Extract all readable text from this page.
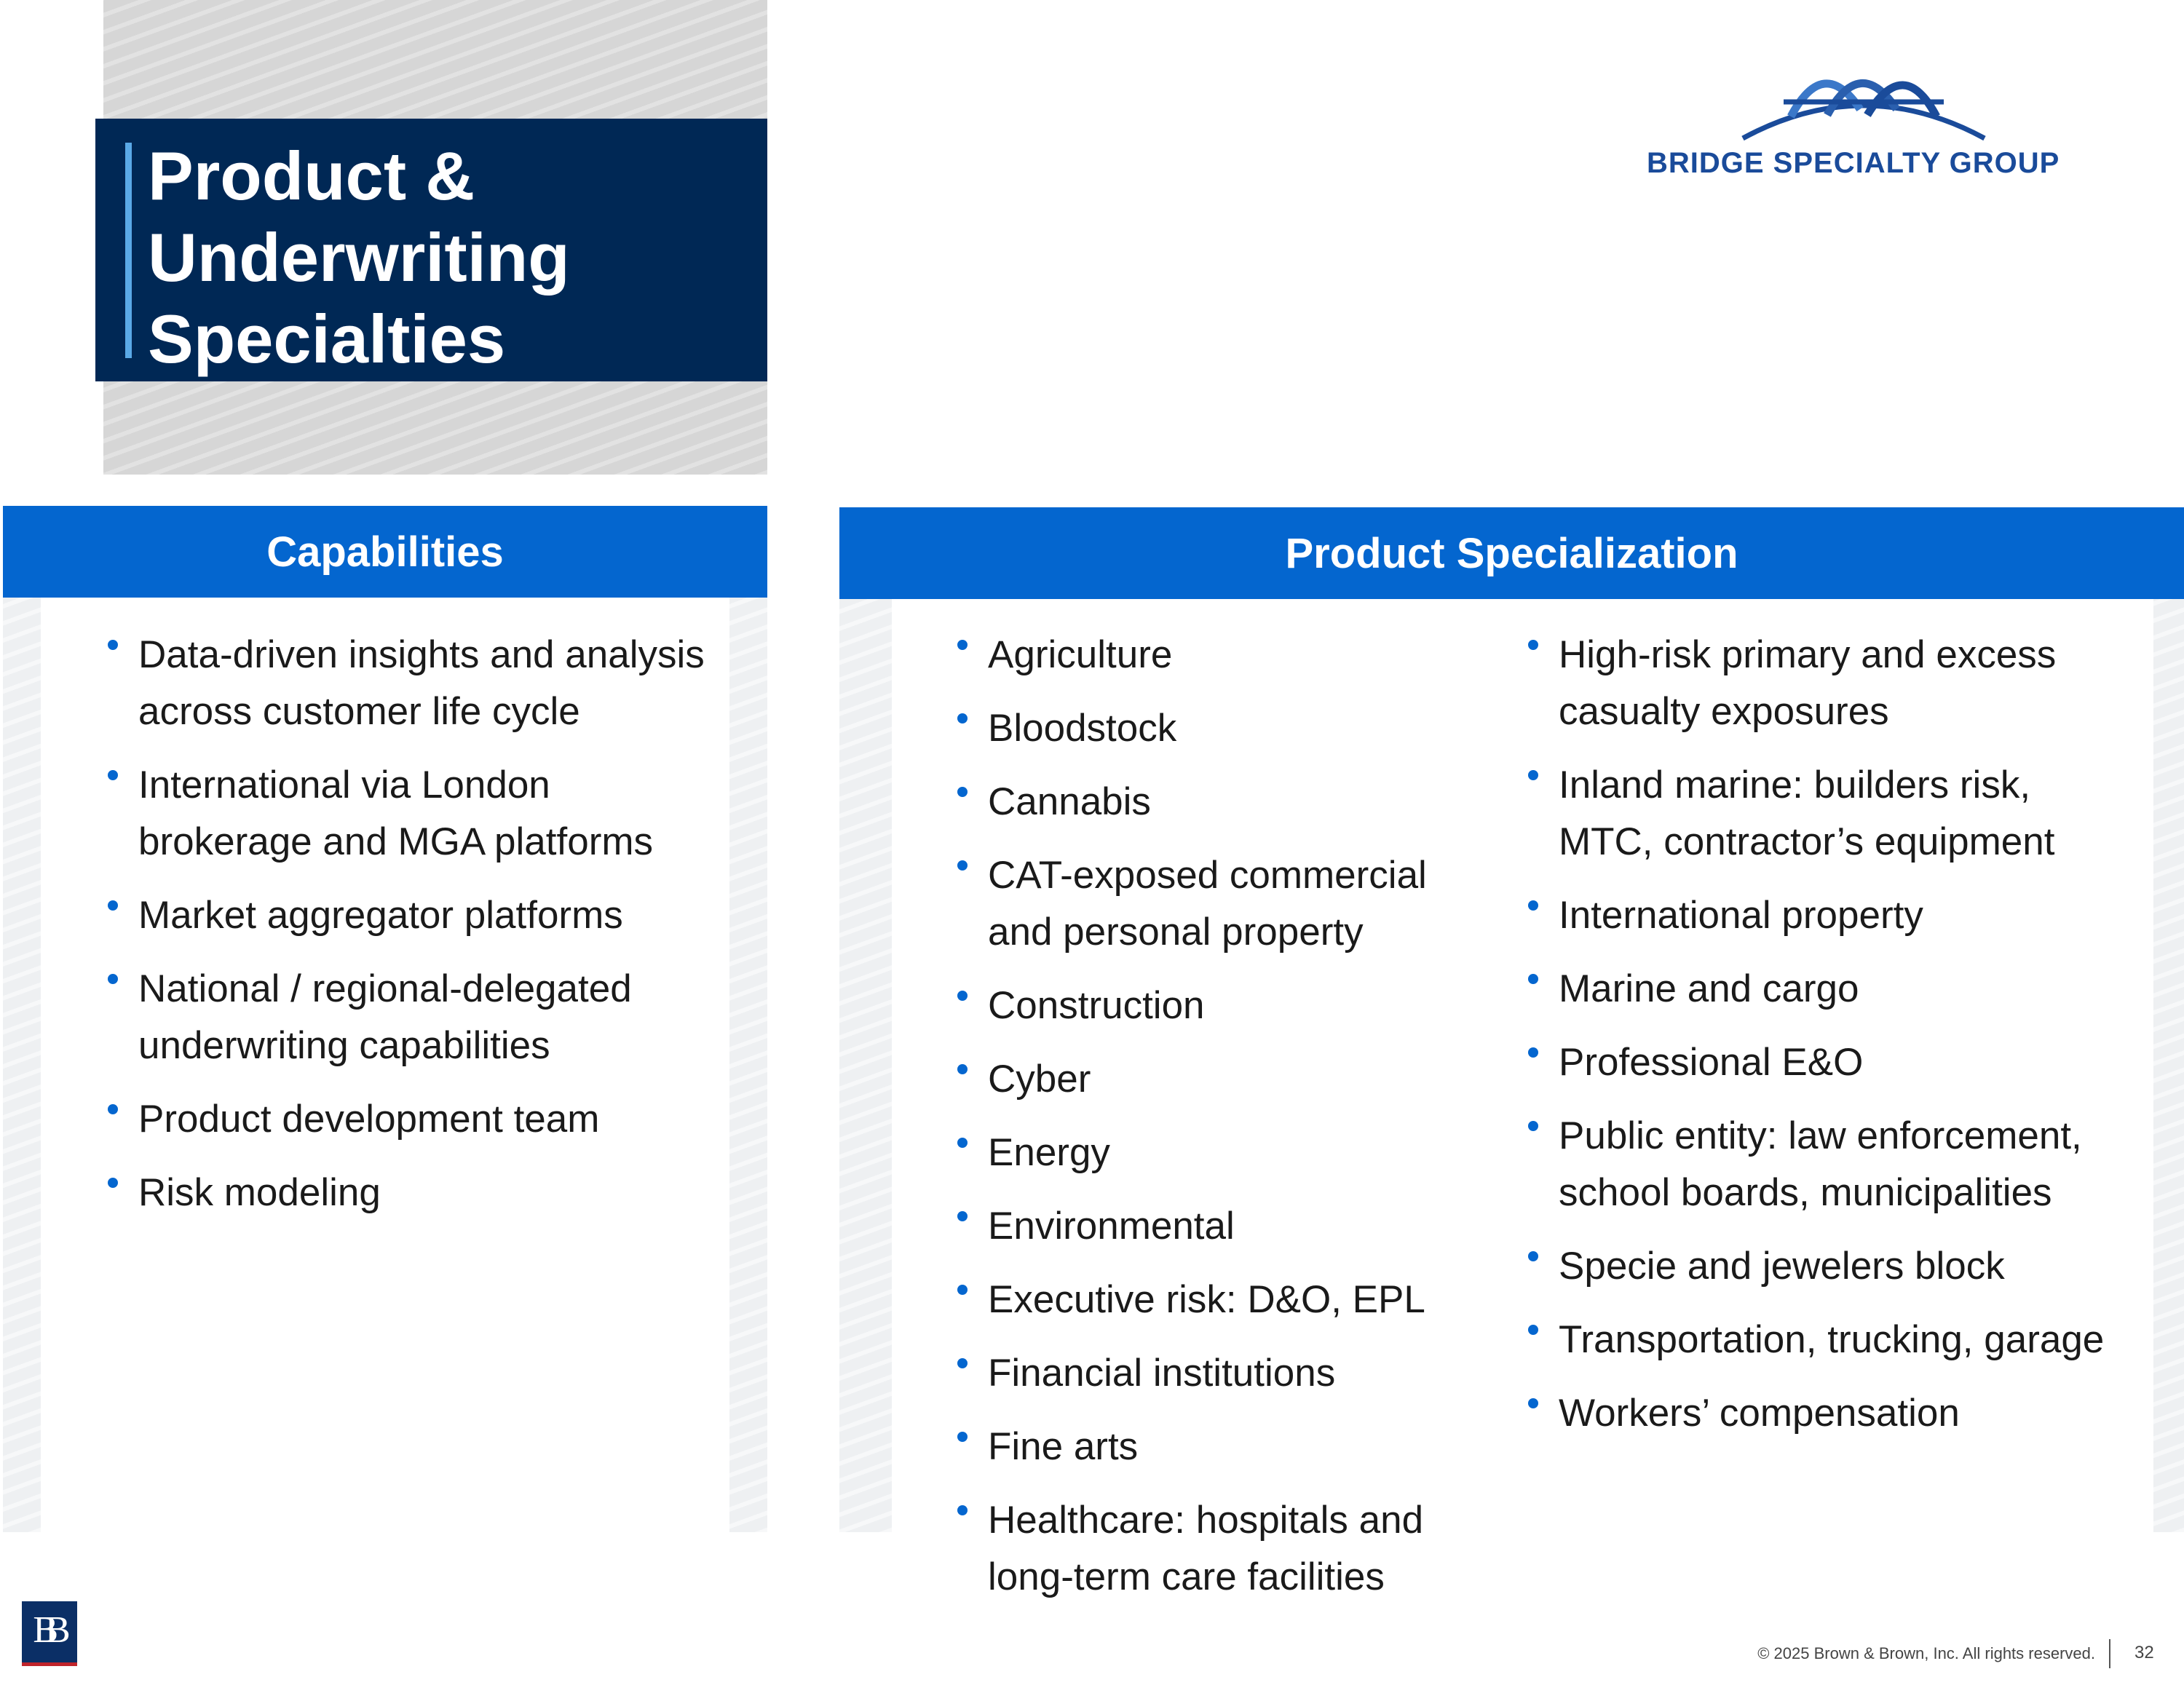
Product & Underwriting Specialties
BRIDGE SPECIALTY GROUP
Capabilities
Data-driven insights and analysis across customer life cycle
International via London brokerage and MGA platforms
Market aggregator platforms
National / regional-delegated underwriting capabilities
Product development team
Risk modeling
Product Specialization
Agriculture
Bloodstock
Cannabis
CAT-exposed commercial and personal property
Construction
Cyber
Energy
Environmental
Executive risk: D&O, EPL
Financial institutions
Fine arts
Healthcare: hospitals and long-term care facilities
High-risk primary and excess casualty exposures
Inland marine: builders risk, MTC, contractor’s equipment
International property
Marine and cargo
Professional E&O
Public entity: law enforcement, school boards, municipalities
Specie and jewelers block
Transportation, trucking, garage
Workers’ compensation
BB
© 2025 Brown & Brown, Inc. All rights reserved. 32
